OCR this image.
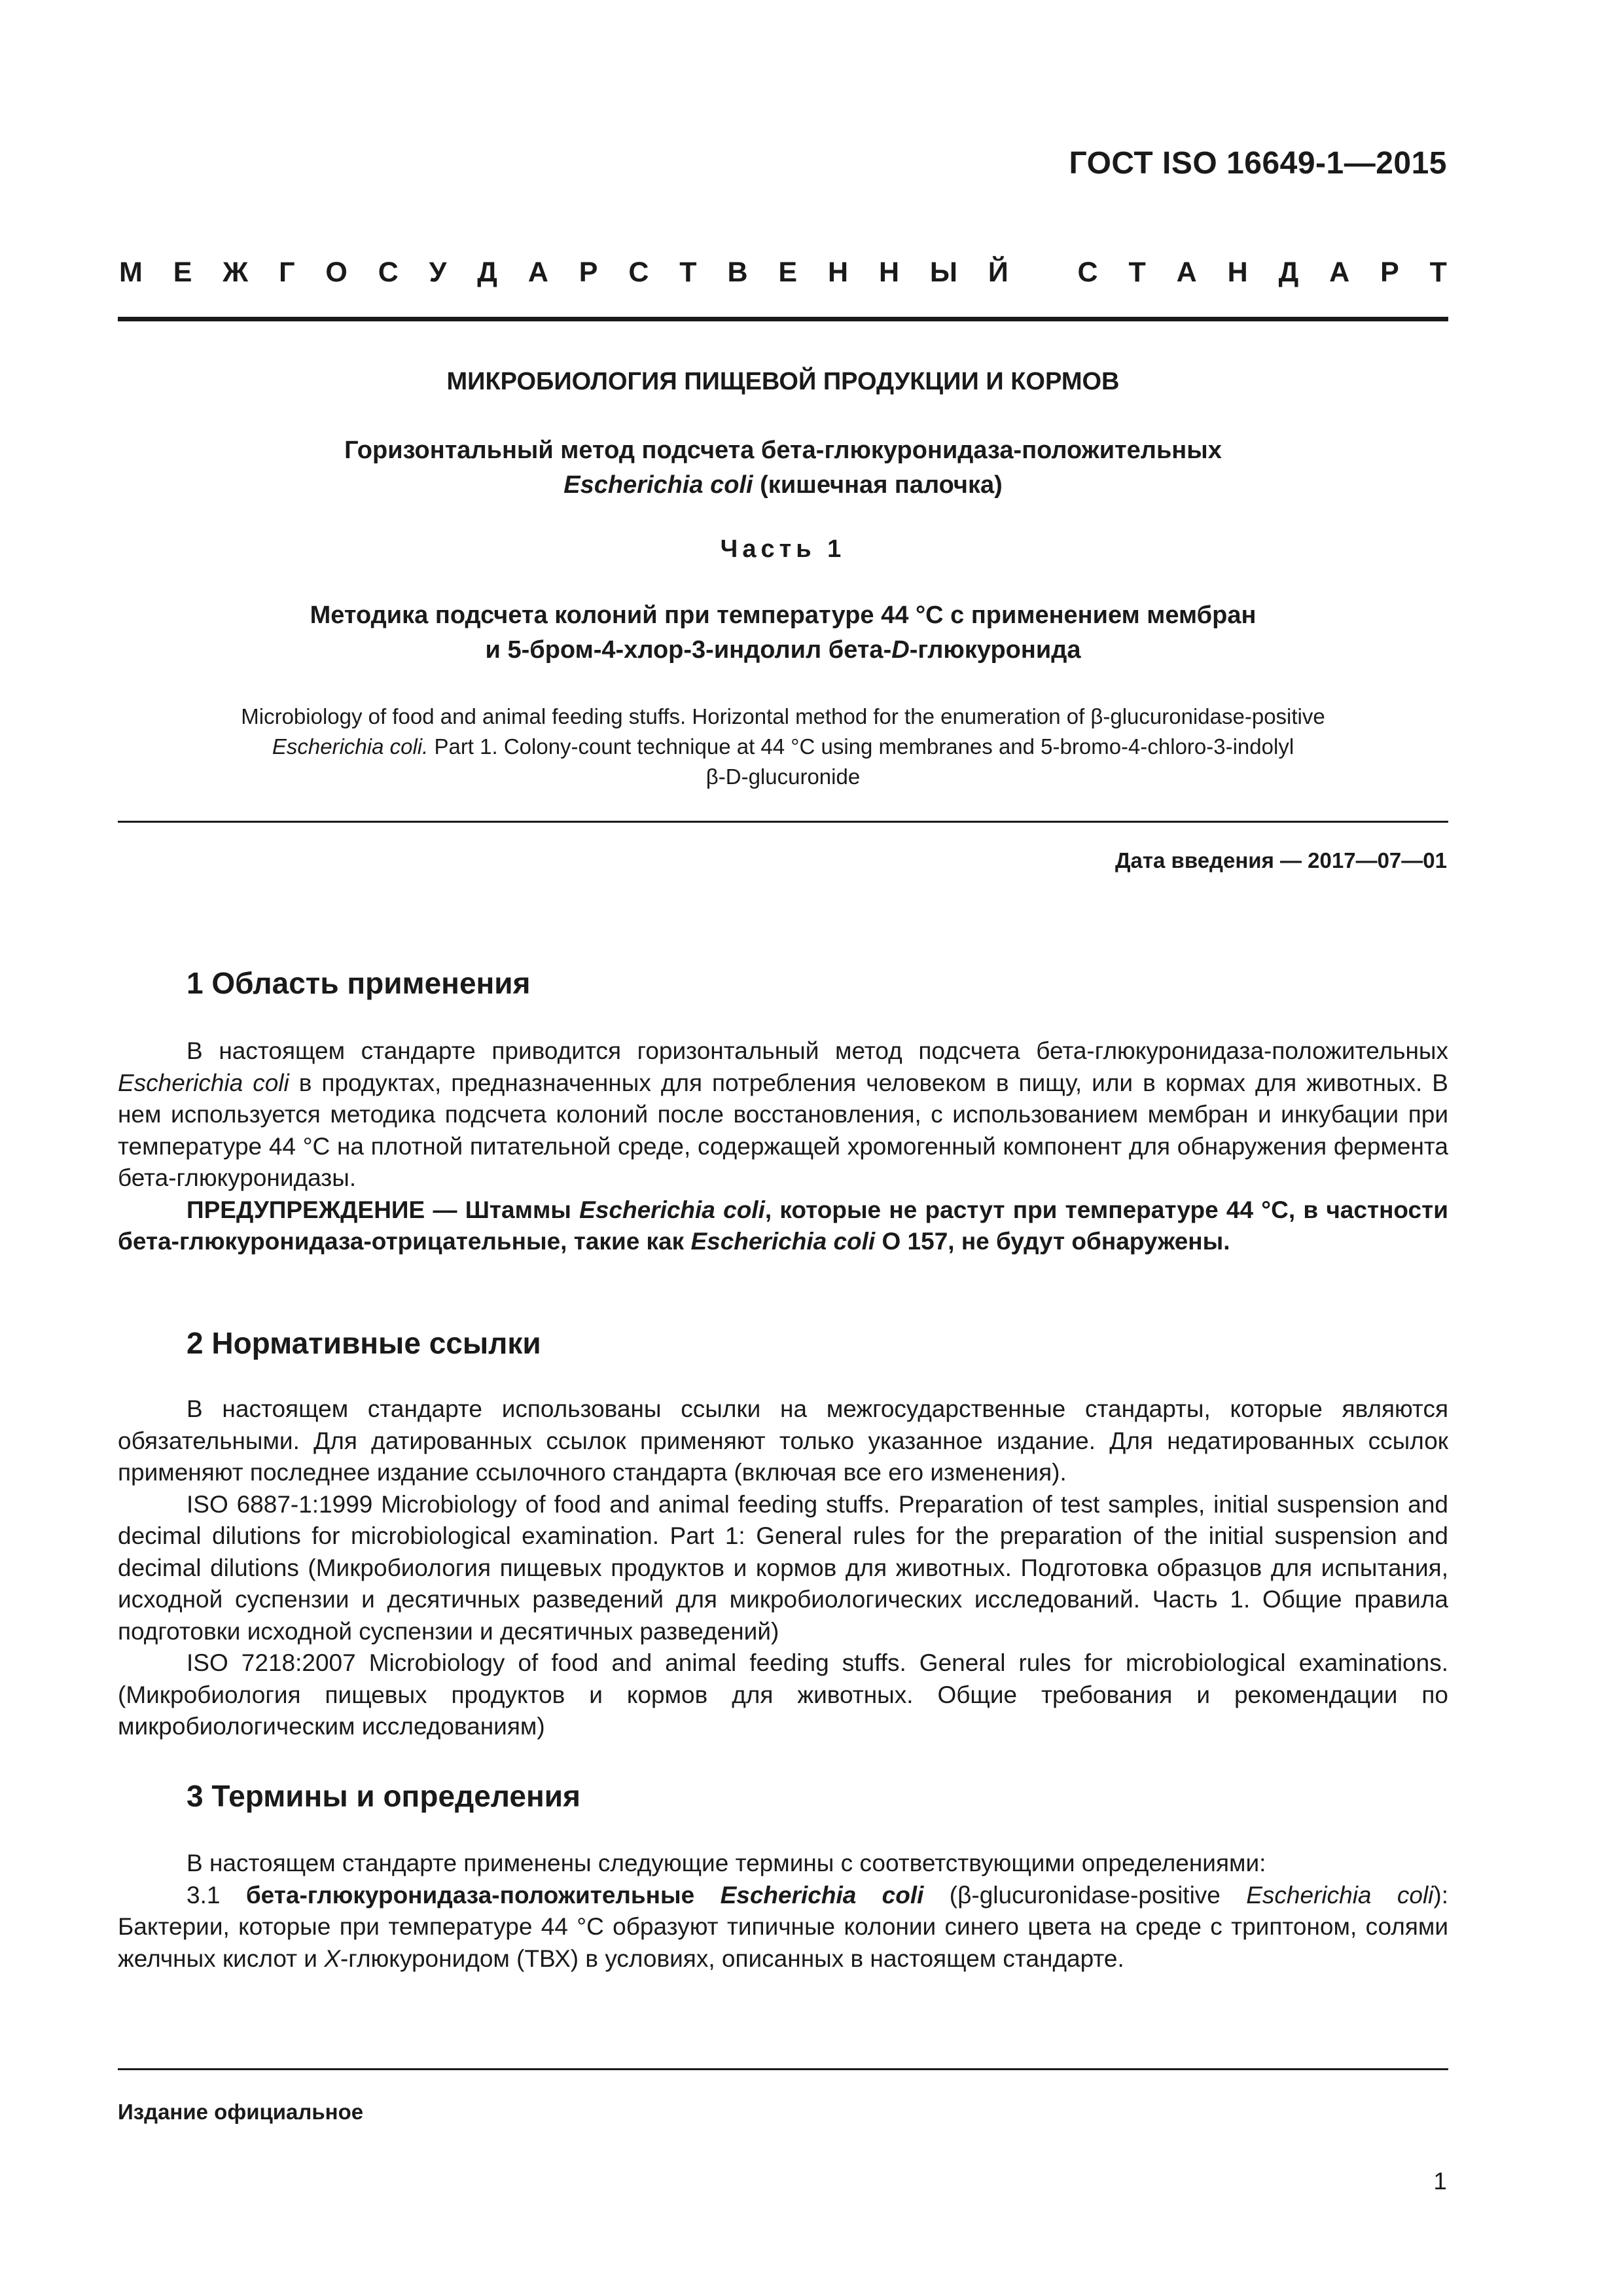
ГОСТ ISO 16649-1—2015
М Е Ж Г О С У Д А Р С Т В Е Н Н Ы Й
С Т А Н Д А Р Т
МИКРОБИОЛОГИЯ ПИЩЕВОЙ ПРОДУКЦИИ И КОРМОВ
Горизонтальный метод подсчета бета-глюкуронидаза-положительных
Escherichia coli (кишечная палочка)
Часть 1
Методика подсчета колоний при температуре 44 °С с применением мембран
и 5-бром-4-хлор-3-индолил бета-D-глюкуронида
Microbiology of food and animal feeding stuffs. Horizontal method for the enumeration of β-glucuronidase-positive
Escherichia coli. Part 1. Colony-count technique at 44 °C using membranes and 5-bromo-4-chloro-3-indolyl
β-D-glucuronide
Дата введения — 2017—07—01
1 Область применения

В настоящем стандарте приводится горизонтальный метод подсчета бета-глюкуронидаза-положительных Escherichia coli в продуктах, предназначенных для потребления человеком в пищу, или в кормах для животных. В нем используется методика подсчета колоний после восстановления, с использованием мембран и инкубации при температуре 44 °С на плотной питательной среде, содержащей хромогенный компонент для обнаружения фермента бета-глюкуронидазы.

ПРЕДУПРЕЖДЕНИЕ — Штаммы Escherichia coli, которые не растут при температуре 44 °С, в частности бета-глюкуронидаза-отрицательные, такие как Escherichia coli О 157, не будут обнаружены.

2 Нормативные ссылки

В настоящем стандарте использованы ссылки на межгосударственные стандарты, которые являются обязательными. Для датированных ссылок применяют только указанное издание. Для недатированных ссылок применяют последнее издание ссылочного стандарта (включая все его изменения).

ISO 6887-1:1999 Microbiology of food and animal feeding stuffs. Preparation of test samples, initial suspension and decimal dilutions for microbiological examination. Part 1: General rules for the preparation of the initial suspension and decimal dilutions (Микробиология пищевых продуктов и кормов для животных. Подготовка образцов для испытания, исходной суспензии и десятичных разведений для микробиологических исследований. Часть 1. Общие правила подготовки исходной суспензии и десятичных разведений)

ISO 7218:2007 Microbiology of food and animal feeding stuffs. General rules for microbiological examinations. (Микробиология пищевых продуктов и кормов для животных. Общие требования и рекомендации по микробиологическим исследованиям)

3 Термины и определения

В настоящем стандарте применены следующие термины с соответствующими определениями:

3.1 бета-глюкуронидаза-положительные Escherichia coli (β-glucuronidase-positive Escherichia coli): Бактерии, которые при температуре 44 °С образуют типичные колонии синего цвета на среде с триптоном, солями желчных кислот и X-глюкуронидом (ТВХ) в условиях, описанных в настоящем стандарте.

Издание официальное
1
